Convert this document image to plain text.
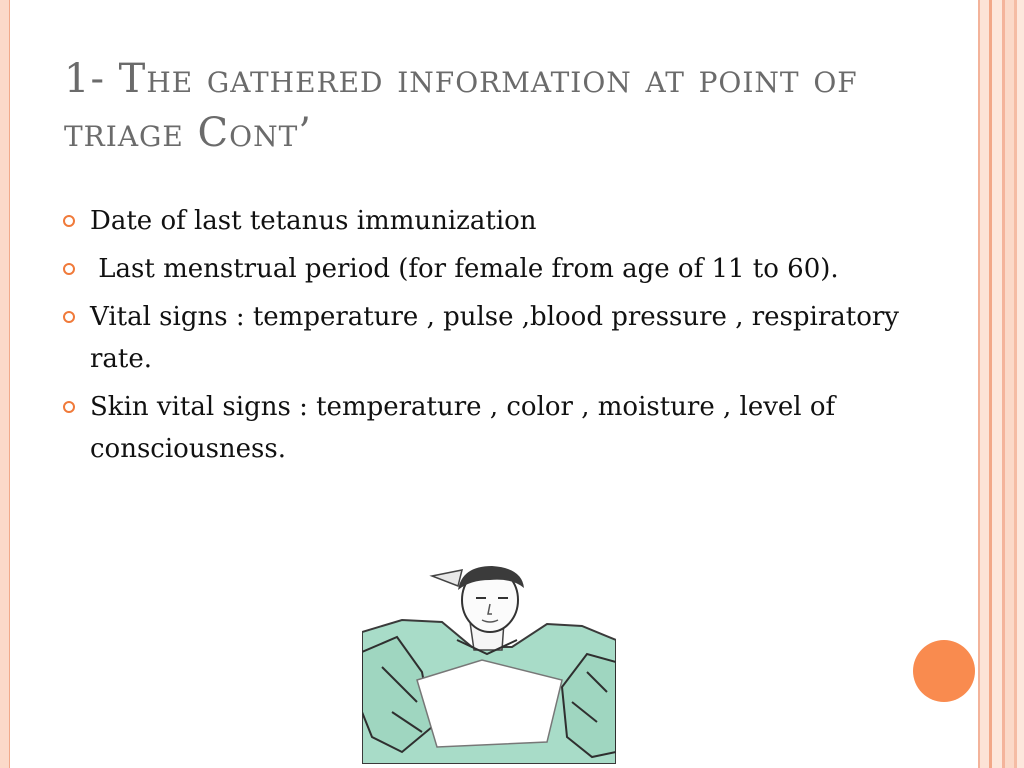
1- The gathered information at point of triage Cont’
Date of last tetanus immunization
Last menstrual period (for female from age of 11 to 60).
Vital signs : temperature , pulse ,blood pressure , respiratory rate.
Skin vital signs : temperature , color , moisture , level of consciousness.
